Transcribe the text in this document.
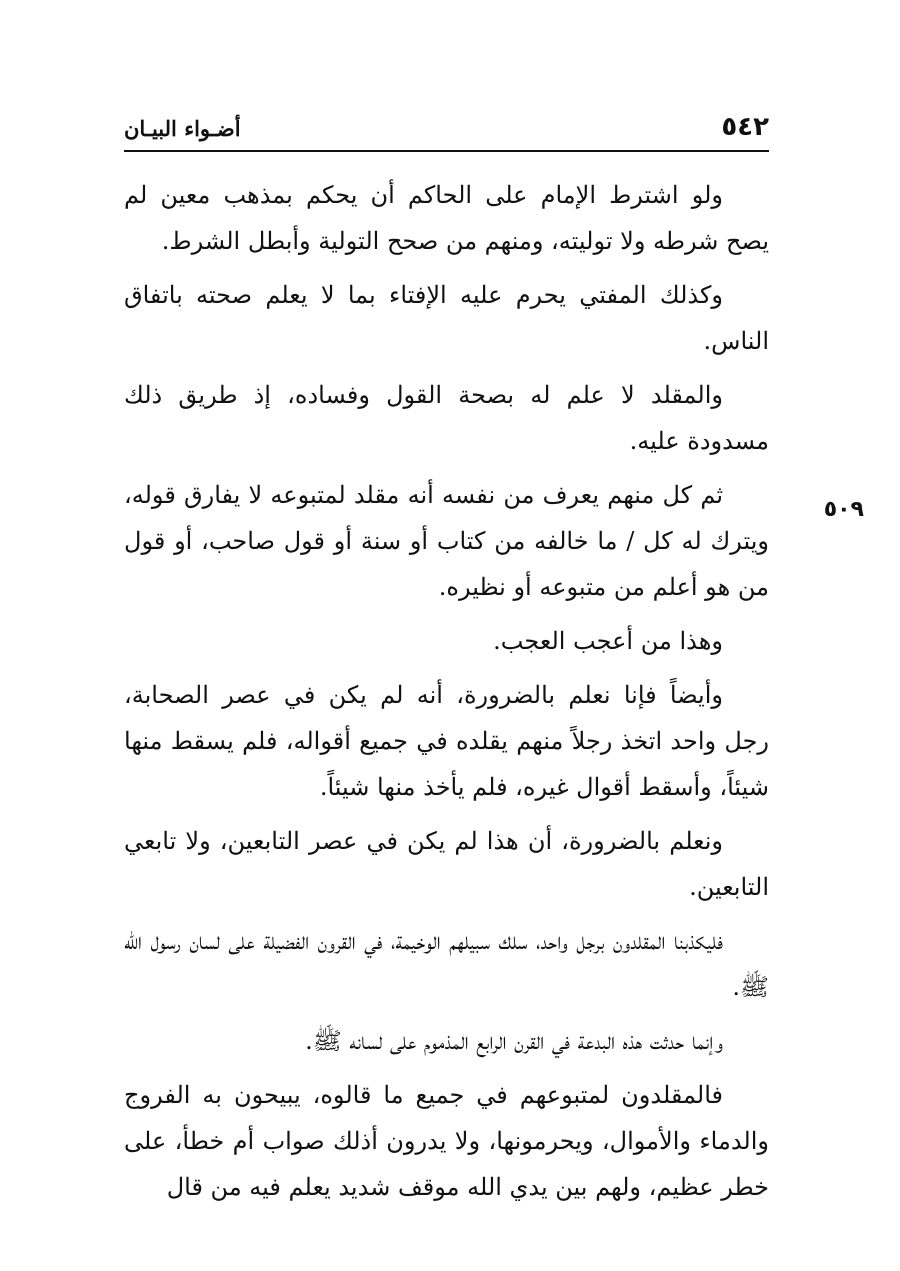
٥٤٢
أضـواء البيـان
٥٠٩

ولو اشترط الإمام على الحاكم أن يحكم بمذهب معين لم يصح شرطه ولا توليته، ومنهم من صحح التولية وأبطل الشرط.

وكذلك المفتي يحرم عليه الإفتاء بما لا يعلم صحته باتفاق الناس.

والمقلد لا علم له بصحة القول وفساده، إذ طريق ذلك مسدودة عليه.

ثم كل منهم يعرف من نفسه أنه مقلد لمتبوعه لا يفارق قوله، ويترك له كل / ما خالفه من كتاب أو سنة أو قول صاحب، أو قول من هو أعلم من متبوعه أو نظيره.

وهذا من أعجب العجب.

وأيضاً فإنا نعلم بالضرورة، أنه لم يكن في عصر الصحابة، رجل واحد اتخذ رجلاً منهم يقلده في جميع أقواله، فلم يسقط منها شيئاً، وأسقط أقوال غيره، فلم يأخذ منها شيئاً.

ونعلم بالضرورة، أن هذا لم يكن في عصر التابعين، ولا تابعي التابعين.

فليكذبنا المقلدون برجل واحد، سلك سبيلهم الوخيمة، في القرون الفضيلة على لسان رسول الله ﷺ.

وإنما حدثت هذه البدعة في القرن الرابع المذموم على لسانه ﷺ.

فالمقلدون لمتبوعهم في جميع ما قالوه، يبيحون به الفروج والدماء والأموال، ويحرمونها، ولا يدرون أذلك صواب أم خطأ، على خطر عظيم، ولهم بين يدي الله موقف شديد يعلم فيه من قال
